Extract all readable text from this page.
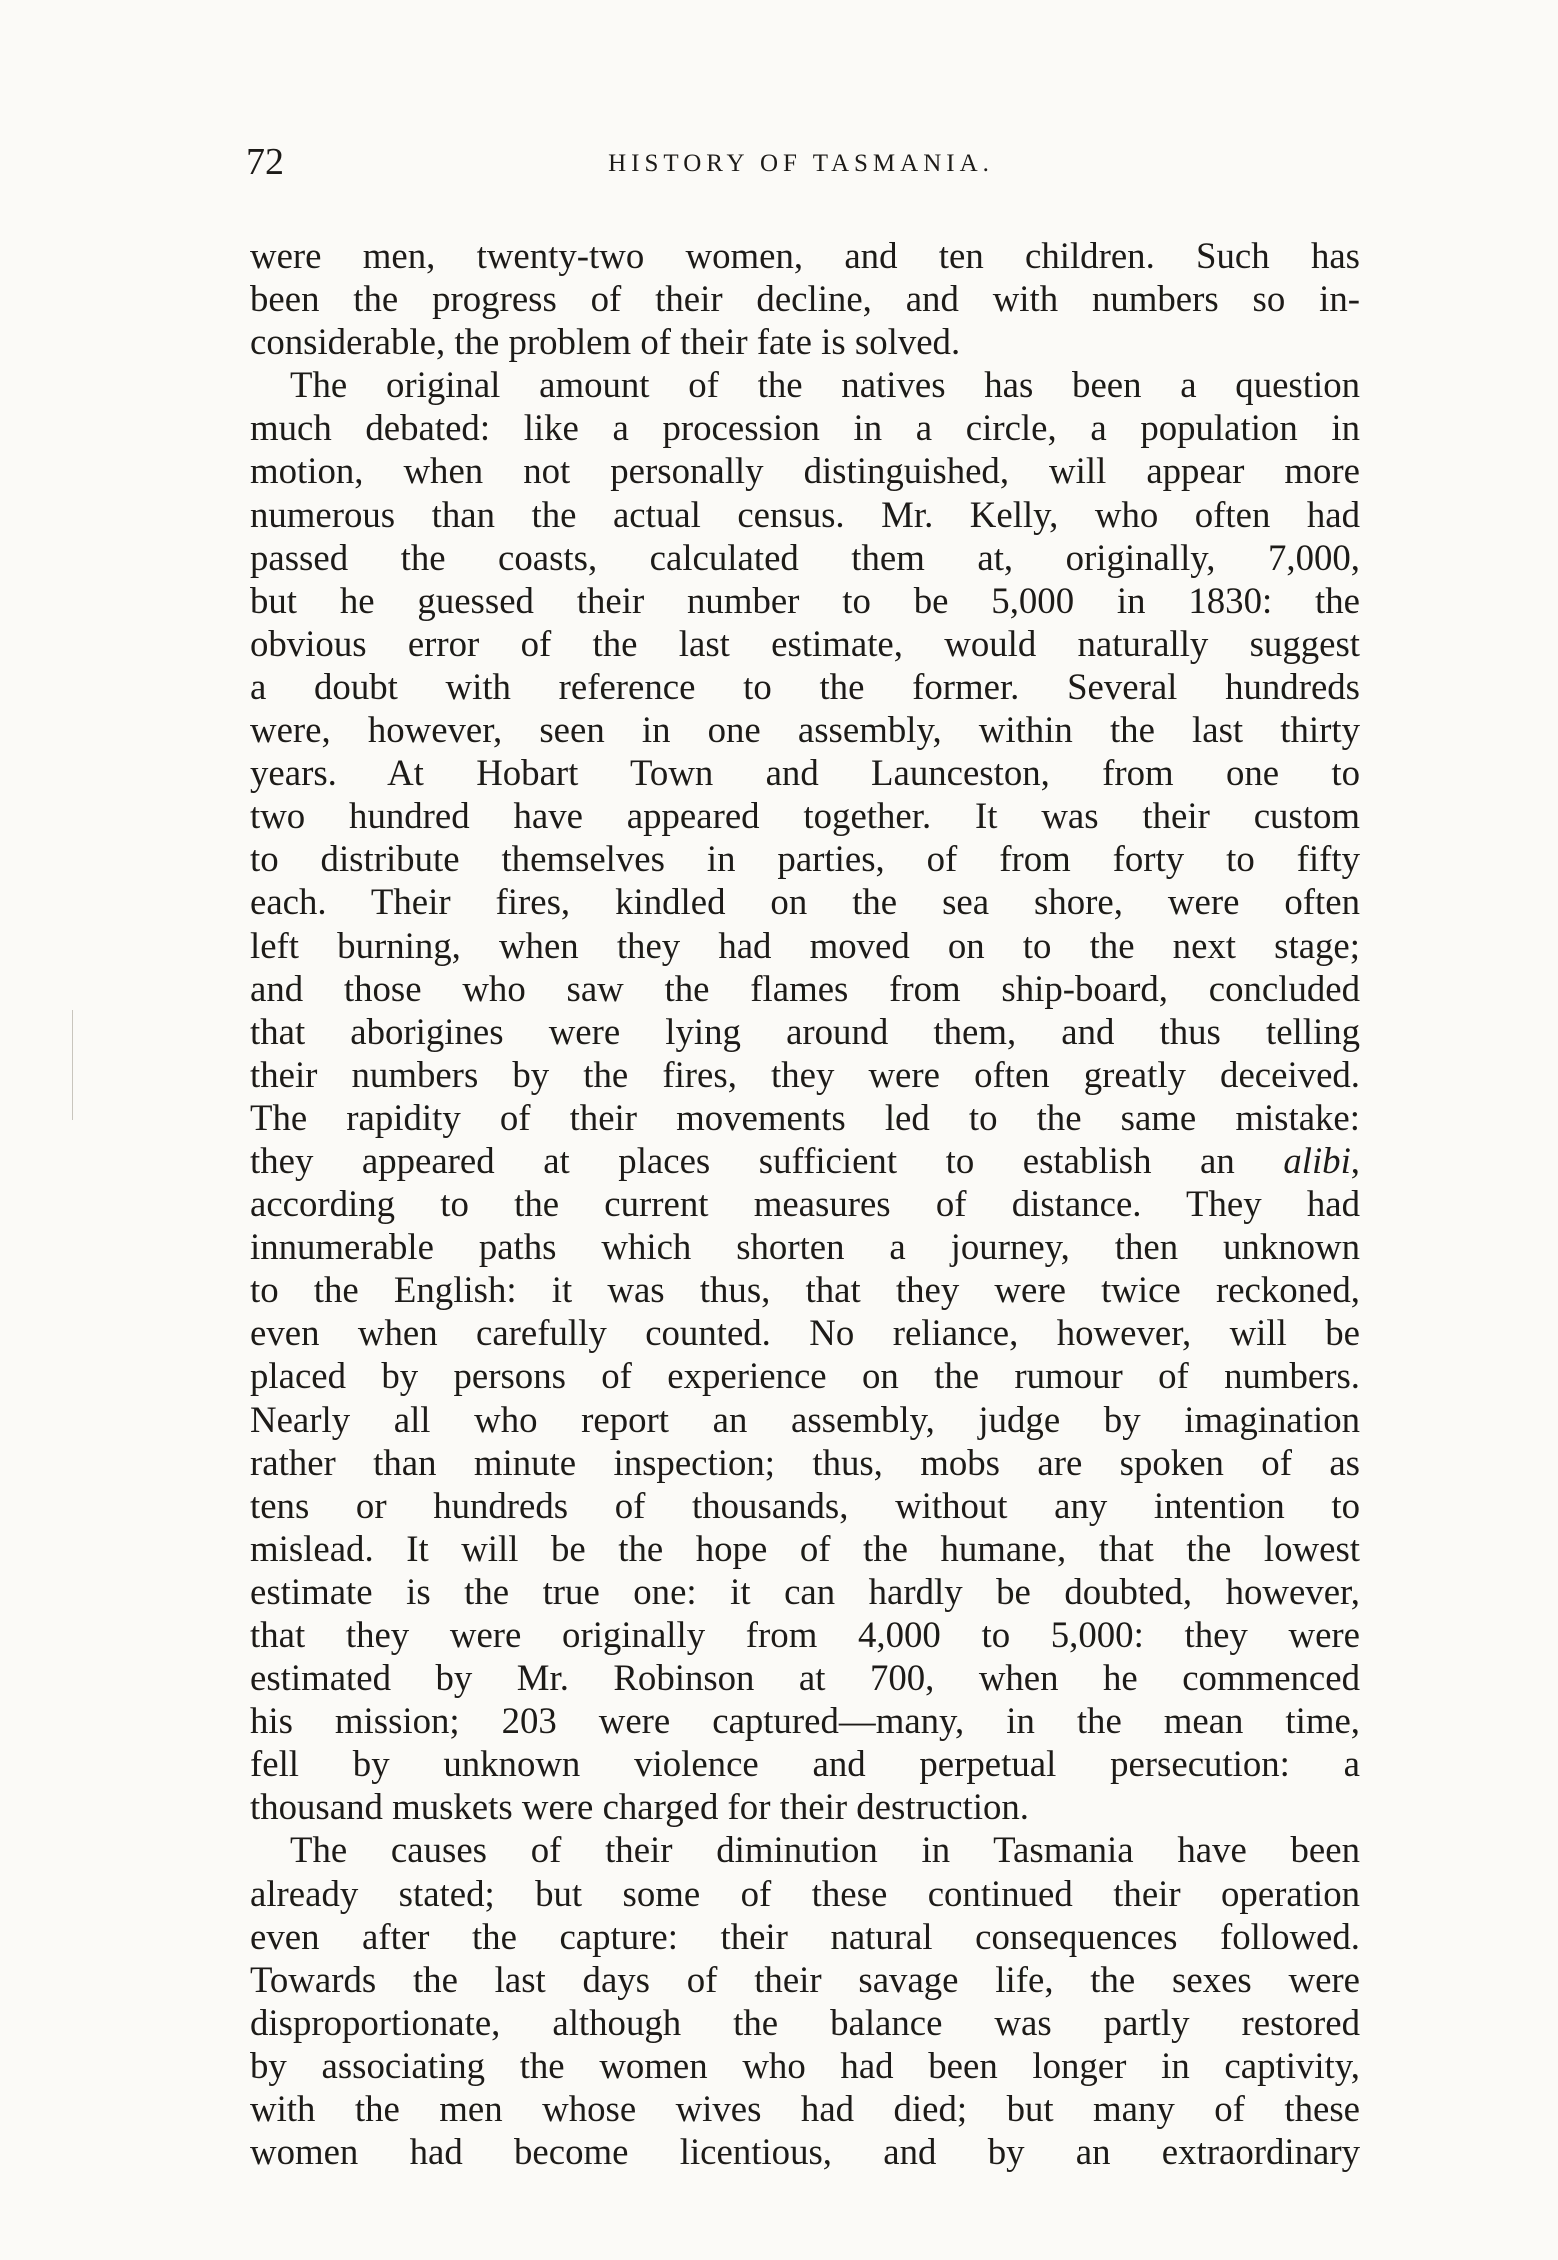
72	HISTORY OF TASMANIA.
were men, twenty-two women, and ten children. Such has
been the progress of their decline, and with numbers so in-
considerable, the problem of their fate is solved.
The original amount of the natives has been a question
much debated: like a procession in a circle, a population in
motion, when not personally distinguished, will appear more
numerous than the actual census. Mr. Kelly, who often had
passed the coasts, calculated them at, originally, 7,000,
but he guessed their number to be 5,000 in 1830: the
obvious error of the last estimate, would naturally suggest
a doubt with reference to the former. Several hundreds
were, however, seen in one assembly, within the last thirty
years. At Hobart Town and Launceston, from one to
two hundred have appeared together. It was their custom
to distribute themselves in parties, of from forty to fifty
each. Their fires, kindled on the sea shore, were often
left burning, when they had moved on to the next stage;
and those who saw the flames from ship-board, concluded
that aborigines were lying around them, and thus telling
their numbers by the fires, they were often greatly deceived.
The rapidity of their movements led to the same mistake:
they appeared at places sufficient to establish an alibi,
according to the current measures of distance. They had
innumerable paths which shorten a journey, then unknown
to the English: it was thus, that they were twice reckoned,
even when carefully counted. No reliance, however, will be
placed by persons of experience on the rumour of numbers.
Nearly all who report an assembly, judge by imagination
rather than minute inspection; thus, mobs are spoken of as
tens or hundreds of thousands, without any intention to
mislead. It will be the hope of the humane, that the lowest
estimate is the true one: it can hardly be doubted, however,
that they were originally from 4,000 to 5,000: they were
estimated by Mr. Robinson at 700, when he commenced
his mission; 203 were captured—many, in the mean time,
fell by unknown violence and perpetual persecution: a
thousand muskets were charged for their destruction.
The causes of their diminution in Tasmania have been
already stated; but some of these continued their operation
even after the capture: their natural consequences followed.
Towards the last days of their savage life, the sexes were
disproportionate, although the balance was partly restored
by associating the women who had been longer in captivity,
with the men whose wives had died; but many of these
women had become licentious, and by an extraordinary
